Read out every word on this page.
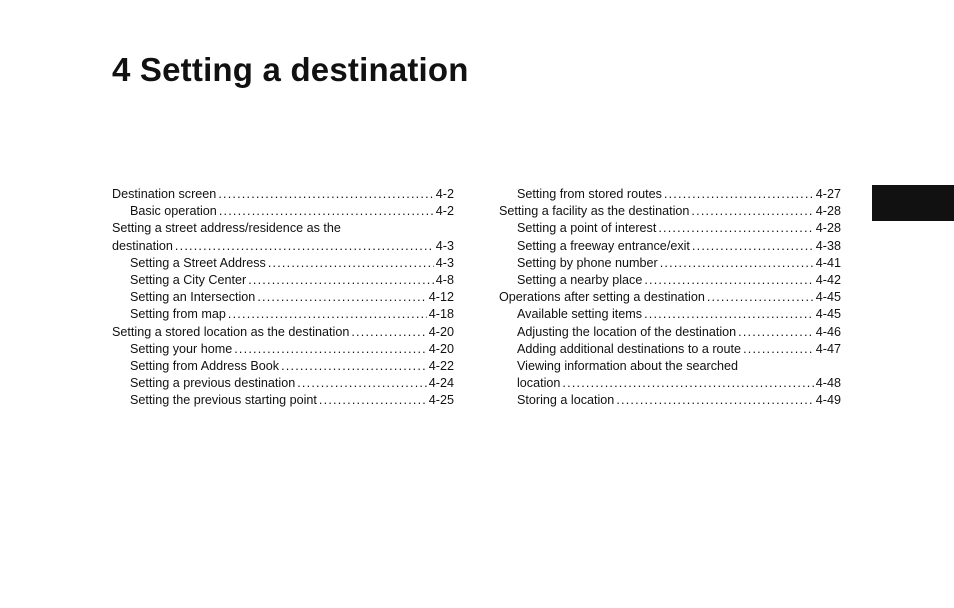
4 Setting a destination
Destination screen .....	4-2
Basic operation .....	4-2
Setting a street address/residence as the
destination .....	4-3
Setting a Street Address .....	4-3
Setting a City Center .....	4-8
Setting an Intersection .....	4-12
Setting from map .....	4-18
Setting a stored location as the destination .....	4-20
Setting your home .....	4-20
Setting from Address Book .....	4-22
Setting a previous destination .....	4-24
Setting the previous starting point .....	4-25
Setting from stored routes .....	4-27
Setting a facility as the destination .....	4-28
Setting a point of interest .....	4-28
Setting a freeway entrance/exit .....	4-38
Setting by phone number .....	4-41
Setting a nearby place .....	4-42
Operations after setting a destination .....	4-45
Available setting items .....	4-45
Adjusting the location of the destination .....	4-46
Adding additional destinations to a route .....	4-47
Viewing information about the searched
location .....	4-48
Storing a location .....	4-49
